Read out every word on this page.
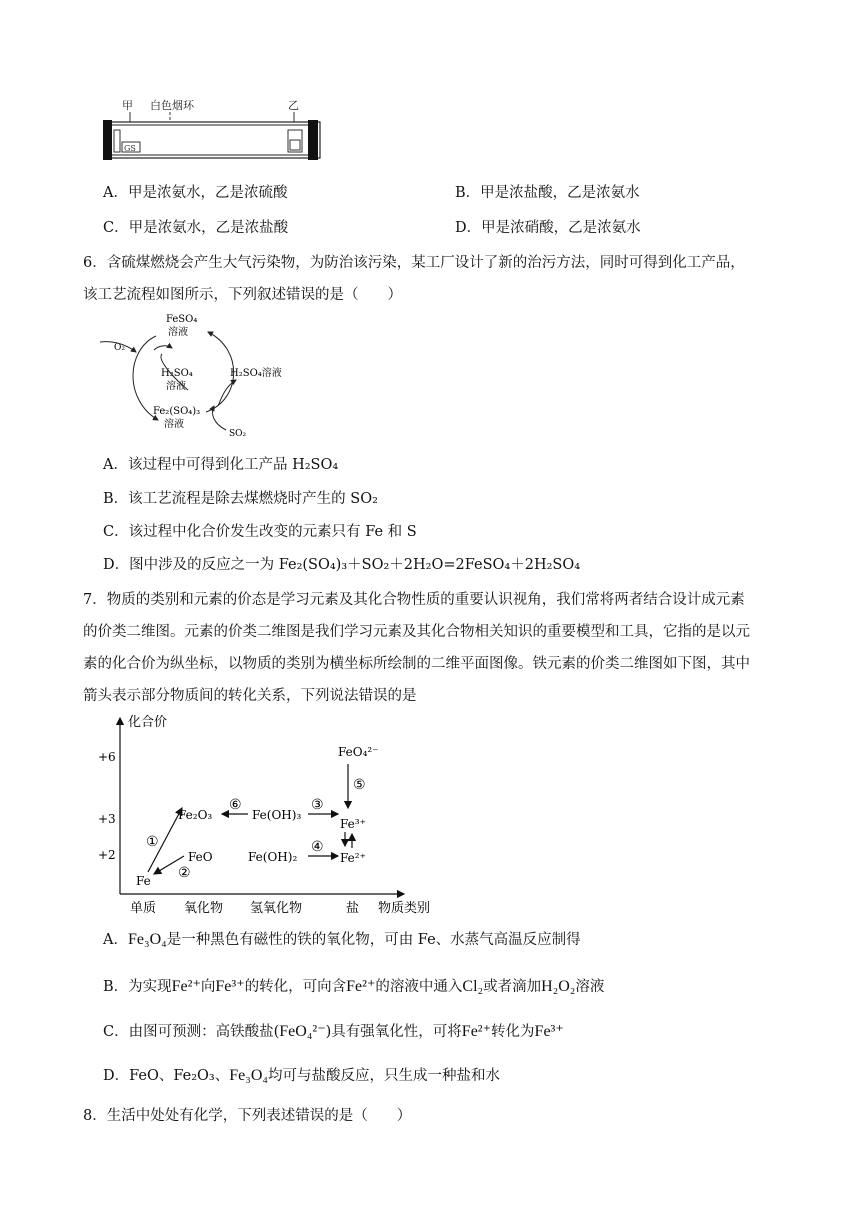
甲 白色烟环	乙
GS
A．甲是浓氨水，乙是浓硫酸	B．甲是浓盐酸，乙是浓氨水
C．甲是浓氨水，乙是浓盐酸	D．甲是浓硝酸，乙是浓氨水
6．含硫煤燃烧会产生大气污染物，为防治该污染，某工厂设计了新的治污方法，同时可得到化工产品，
该工艺流程如图所示，下列叙述错误的是（　　）
FeSO₄
溶液
O₂
H₂SO₄
溶液
H₂SO₄溶液
Fe₂(SO₄)₃
溶液
SO₂
A．该过程中可得到化工产品 H₂SO₄
B．该工艺流程是除去煤燃烧时产生的 SO₂
C．该过程中化合价发生改变的元素只有 Fe 和 S
D．图中涉及的反应之一为 Fe₂(SO₄)₃＋SO₂＋2H₂O=2FeSO₄＋2H₂SO₄
7．物质的类别和元素的价态是学习元素及其化合物性质的重要认识视角，我们常将两者结合设计成元素
的价类二维图。元素的价类二维图是我们学习元素及其化合物相关知识的重要模型和工具，它指的是以元
素的化合价为纵坐标，以物质的类别为横坐标所绘制的二维平面图像。铁元素的价类二维图如下图，其中
箭头表示部分物质间的转化关系，下列说法错误的是
化合价
+6
+3
+2
单质 氧化物 氢氧化物	盐 物质类别
Fe
FeO
Fe₂O₃	Fe(OH)₃
Fe(OH)₂
Fe³⁺
Fe²⁺
FeO₄²⁻
①
②
③
④
⑤
⑥
A．Fe₃O₄是一种黑色有磁性的铁的氧化物，可由 Fe、水蒸气高温反应制得
B．为实现Fe²⁺向Fe³⁺的转化，可向含Fe²⁺的溶液中通入Cl₂或者滴加H₂O₂溶液
C．由图可预测：高铁酸盐(FeO₄²⁻)具有强氧化性，可将Fe²⁺转化为Fe³⁺
D．FeO、Fe₂O₃、Fe₃O₄均可与盐酸反应，只生成一种盐和水
8．生活中处处有化学，下列表述错误的是（　　）
